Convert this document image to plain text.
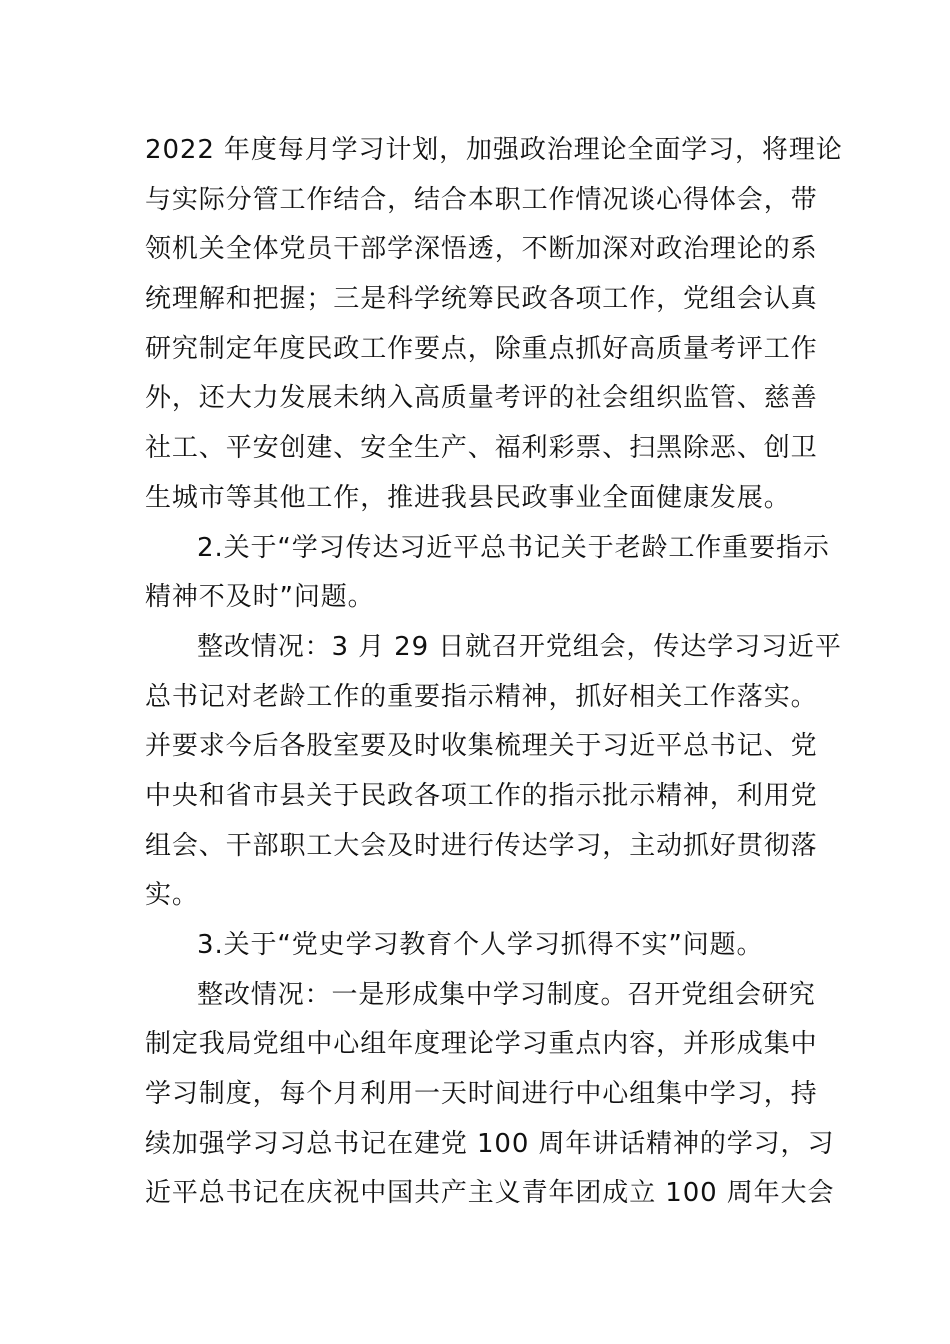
2022 年度每月学习计划，加强政治理论全面学习，将理论
与实际分管工作结合，结合本职工作情况谈心得体会，带
领机关全体党员干部学深悟透，不断加深对政治理论的系
统理解和把握；三是科学统筹民政各项工作，党组会认真
研究制定年度民政工作要点，除重点抓好高质量考评工作
外，还大力发展未纳入高质量考评的社会组织监管、慈善
社工、平安创建、安全生产、福利彩票、扫黑除恶、创卫
生城市等其他工作，推进我县民政事业全面健康发展。
2.关于“学习传达习近平总书记关于老龄工作重要指示
精神不及时”问题。
整改情况：3 月 29 日就召开党组会，传达学习习近平
总书记对老龄工作的重要指示精神，抓好相关工作落实。
并要求今后各股室要及时收集梳理关于习近平总书记、党
中央和省市县关于民政各项工作的指示批示精神，利用党
组会、干部职工大会及时进行传达学习，主动抓好贯彻落
实。
3.关于“党史学习教育个人学习抓得不实”问题。
整改情况：一是形成集中学习制度。召开党组会研究
制定我局党组中心组年度理论学习重点内容，并形成集中
学习制度，每个月利用一天时间进行中心组集中学习，持
续加强学习习总书记在建党 100 周年讲话精神的学习，习
近平总书记在庆祝中国共产主义青年团成立 100 周年大会
